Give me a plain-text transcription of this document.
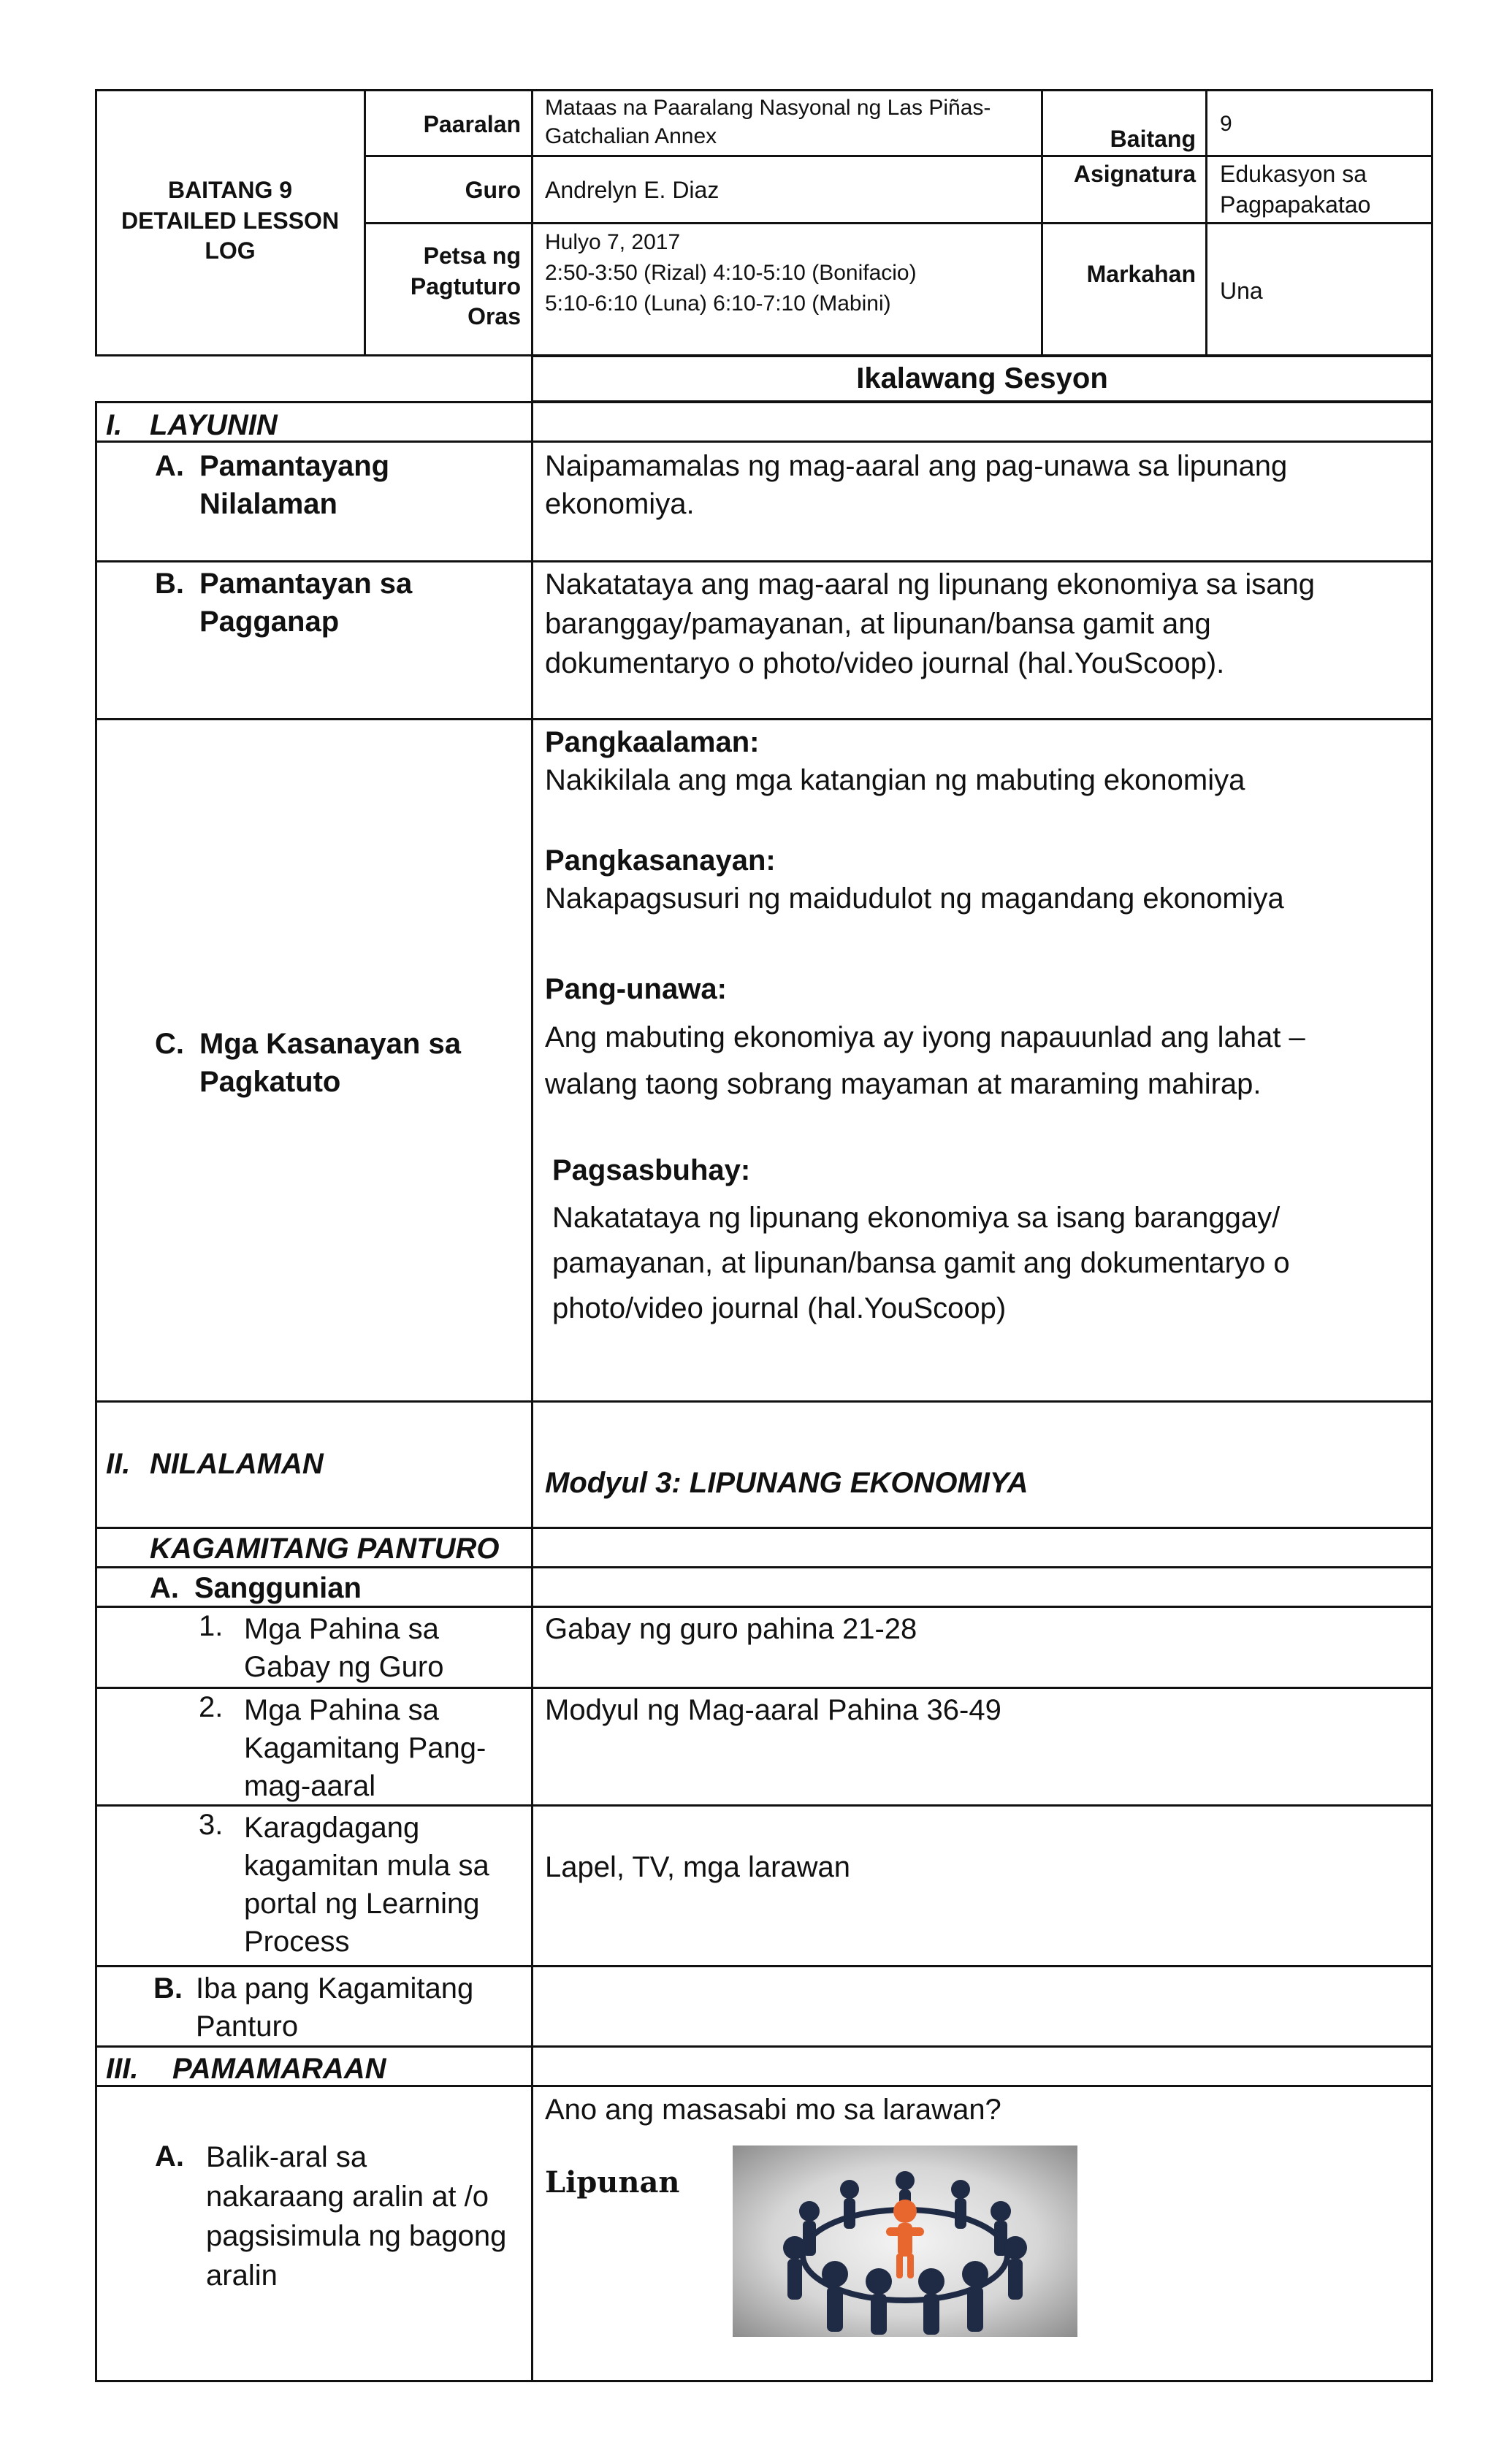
BAITANG 9 DETAILED LESSON LOG
Paaralan
Mataas na Paaralang Nasyonal ng Las Piñas-Gatchalian Annex	Baitang
9
Guro Andrelyn E. Diaz
Asignatura Edukasyon sa Pagpapakatao
Petsa ng Pagtuturo Oras
Hulyo 7, 2017
2:50-3:50 (Rizal) 4:10-5:10 (Bonifacio)
5:10-6:10 (Luna) 6:10-7:10 (Mabini)
Markahan
Una
Ikalawang Sesyon
I. LAYUNIN
A. Pamantayang Nilalaman
Naipamamalas ng mag-aaral ang pag-unawa sa lipunang ekonomiya.
B. Pamantayan sa Pagganap
Nakatataya ang mag-aaral ng lipunang ekonomiya sa isang baranggay/pamayanan, at lipunan/bansa gamit ang dokumentaryo o photo/video journal (hal.YouScoop).
C. Mga Kasanayan sa Pagkatuto
Pangkaalaman:
Nakikilala ang mga katangian ng mabuting ekonomiya
Pangkasanayan:
Nakapagsusuri ng maidudulot ng magandang ekonomiya
Pang-unawa:
Ang mabuting ekonomiya ay iyong napauunlad ang lahat – walang taong sobrang mayaman at maraming mahirap.
Pagsasbuhay:
Nakatataya ng lipunang ekonomiya sa isang baranggay/ pamayanan, at lipunan/bansa gamit ang dokumentaryo o photo/video journal (hal.YouScoop)
II. NILALAMAN
Modyul 3: LIPUNANG EKONOMIYA
KAGAMITANG PANTURO
A. Sanggunian
1. Mga Pahina sa Gabay ng Guro
Gabay ng guro pahina 21-28
2. Mga Pahina sa Kagamitang Pang-mag-aaral
Modyul ng Mag-aaral Pahina 36-49
3. Karagdagang kagamitan mula sa portal ng Learning Process
Lapel, TV, mga larawan
B. Iba pang Kagamitang Panturo
III. PAMAMARAAN
A. Balik-aral sa nakaraang aralin at /o pagsisimula ng bagong aralin
Ano ang masasabi mo sa larawan?
Lipunan
